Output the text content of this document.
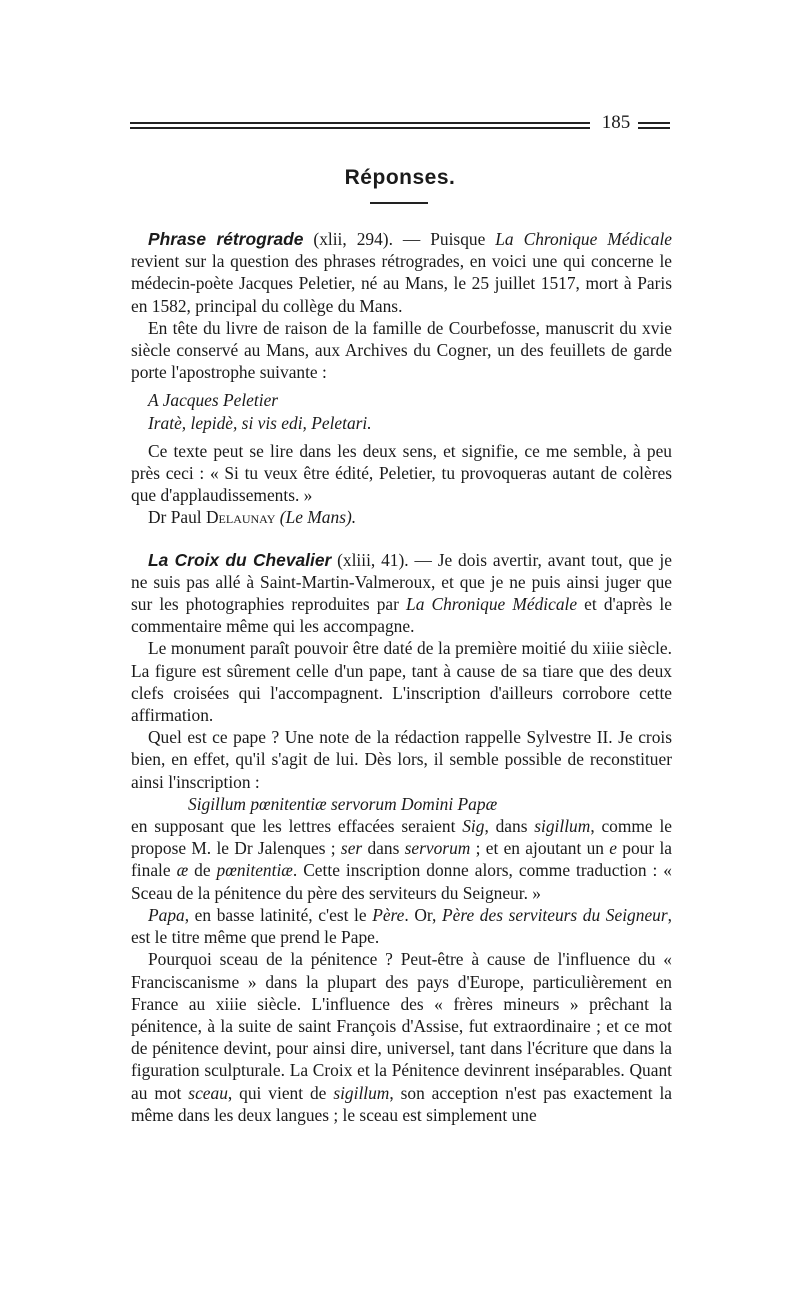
185
Réponses.

Phrase rétrograde (xlii, 294). — Puisque La Chronique Médicale revient sur la question des phrases rétrogrades, en voici une qui concerne le médecin-poète Jacques Peletier, né au Mans, le 25 juillet 1517, mort à Paris en 1582, principal du collège du Mans.

En tête du livre de raison de la famille de Courbefosse, manuscrit du xvie siècle conservé au Mans, aux Archives du Cogner, un des feuillets de garde porte l'apostrophe suivante :

A Jacques Peletier

Iratè, lepidè, si vis edi, Peletari.

Ce texte peut se lire dans les deux sens, et signifie, ce me semble, à peu près ceci : « Si tu veux être édité, Peletier, tu provoqueras autant de colères que d'applaudissements. »

Dr Paul Delaunay (Le Mans).

La Croix du Chevalier (xliii, 41). — Je dois avertir, avant tout, que je ne suis pas allé à Saint-Martin-Valmeroux, et que je ne puis ainsi juger que sur les photographies reproduites par La Chronique Médicale et d'après le commentaire même qui les accompagne.

Le monument paraît pouvoir être daté de la première moitié du xiiie siècle. La figure est sûrement celle d'un pape, tant à cause de sa tiare que des deux clefs croisées qui l'accompagnent. L'inscription d'ailleurs corrobore cette affirmation.

Quel est ce pape ? Une note de la rédaction rappelle Sylvestre II. Je crois bien, en effet, qu'il s'agit de lui. Dès lors, il semble possible de reconstituer ainsi l'inscription :

Sigillum pœnitentiæ servorum Domini Papæ

en supposant que les lettres effacées seraient Sig, dans sigillum, comme le propose M. le Dr Jalenques ; ser dans servorum ; et en ajoutant un e pour la finale æ de pœnitentiæ. Cette inscription donne alors, comme traduction : « Sceau de la pénitence du père des serviteurs du Seigneur. »

Papa, en basse latinité, c'est le Père. Or, Père des serviteurs du Seigneur, est le titre même que prend le Pape.

Pourquoi sceau de la pénitence ? Peut-être à cause de l'influence du « Franciscanisme » dans la plupart des pays d'Europe, particulièrement en France au xiiie siècle. L'influence des « frères mineurs » prêchant la pénitence, à la suite de saint François d'Assise, fut extraordinaire ; et ce mot de pénitence devint, pour ainsi dire, universel, tant dans l'écriture que dans la figuration sculpturale. La Croix et la Pénitence devinrent inséparables. Quant au mot sceau, qui vient de sigillum, son acception n'est pas exactement la même dans les deux langues ; le sceau est simplement une
